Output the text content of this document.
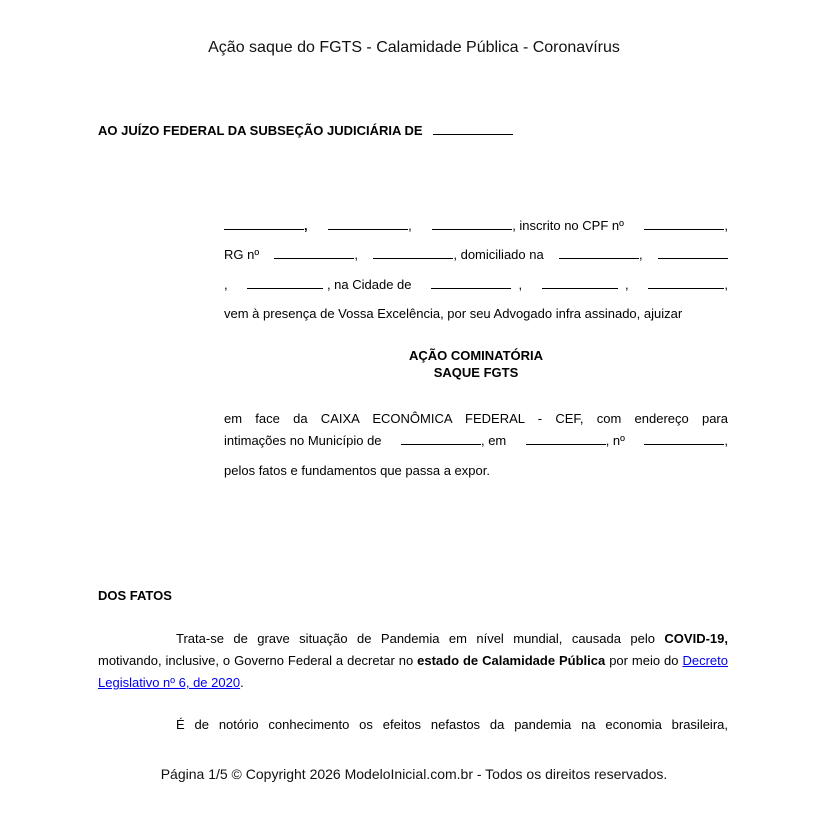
Ação saque do FGTS - Calamidade Pública - Coronavírus
AO JUÍZO FEDERAL DA SUBSEÇÃO JUDICIÁRIA DE
,	,	, inscrito no CPF nº	,
RG nº	,	, domiciliado na	,
,	, na Cidade de	,	,	,
vem à presença de Vossa Excelência, por seu Advogado infra assinado, ajuizar
AÇÃO COMINATÓRIA
SAQUE FGTS
em face da CAIXA ECONÔMICA FEDERAL - CEF, com endereço para
intimações no Município de	, em	, nº	,
pelos fatos e fundamentos que passa a expor.
DOS FATOS
Trata-se de grave situação de Pandemia em nível mundial, causada pelo COVID-19, motivando, inclusive, o Governo Federal a decretar no estado de Calamidade Pública por meio do Decreto Legislativo nº 6, de 2020.
É de notório conhecimento os efeitos nefastos da pandemia na economia brasileira,
Página 1/5 © Copyright 2026 ModeloInicial.com.br - Todos os direitos reservados.
